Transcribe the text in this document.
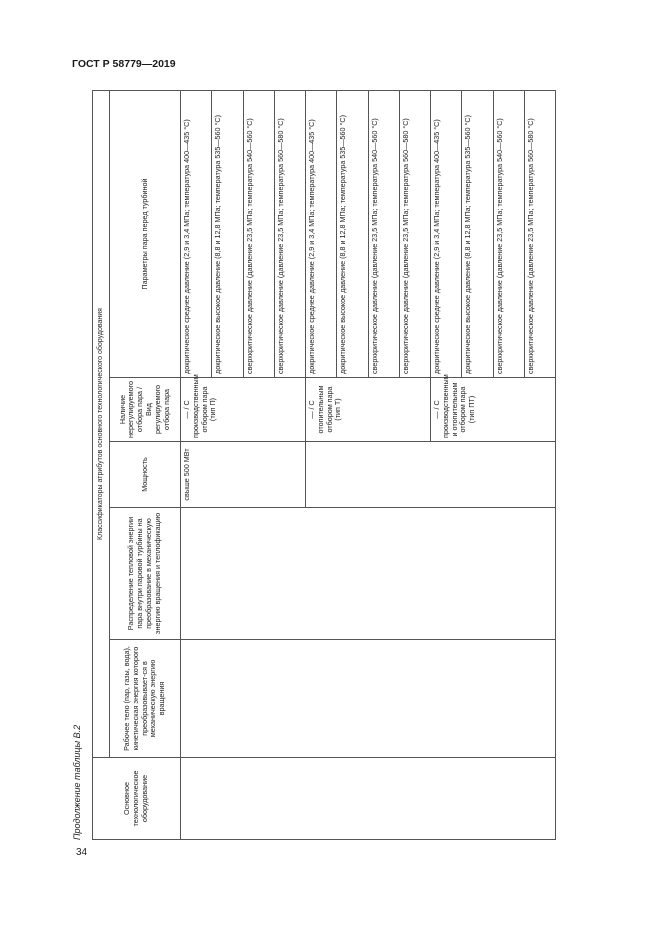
ГОСТ Р 58779—2019
Продолжение таблицы В.2
34
Основное технологическое оборудование	Классификаторы атрибутов основного технологического оборудования				
	Рабочее тело (пар, газы, вода), кинетическая энергия которого преобразовывает-ся в механическую энергию вращения	Распределение тепловой энергии пара внутри паровой турбины на преобразование в механическую энергию вращения и теплофикацию	Мощность	Наличие нерегулируемого отбора пара / Вид регулируемого отбора пара	Параметры пара перед турбиной
			свыше 500 МВт	— / С производственным отбором пара (тип П)	докритическое среднее давление (2,9 и 3,4 МПа; температура 400—435 °С)
					докритическое высокое давление (8,8 и 12,8 МПа; температура 535—560 °С)
					сверхкритическое давление (давление 23,5 МПа; температура 540—560 °С)
					сверхкритическое давление (давление 23,5 МПа; температура 560—580 °С)
				— / С отопительным отбором пара (тип Т)	докритическое среднее давление (2,9 и 3,4 МПа; температура 400—435 °С)
					докритическое высокое давление (8,8 и 12,8 МПа; температура 535—560 °С)
					сверхкритическое давление (давление 23,5 МПа; температура 540—560 °С)
					сверхкритическое давление (давление 23,5 МПа; температура 560—580 °С)
				— / С производственным и отопительным отбором пара (тип ПТ)	докритическое среднее давление (2,9 и 3,4 МПа; температура 400—435 °С)
					докритическое высокое давление (8,8 и 12,8 МПа; температура 535—560 °С)
					сверхкритическое давление (давление 23,5 МПа; температура 540—560 °С)
					сверхкритическое давление (давление 23,5 МПа; температура 560—580 °С)
